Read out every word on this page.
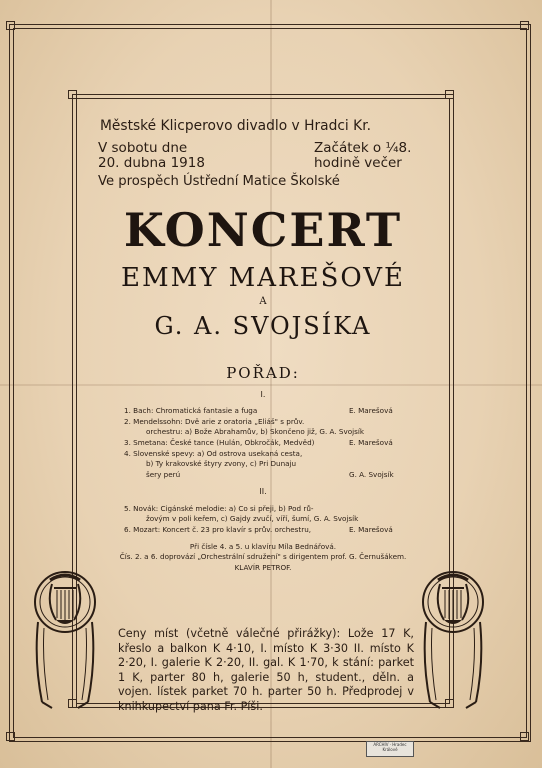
Městské Klicperovo divadlo v Hradci Kr.
V sobotu dne
20. dubna 1918
Začátek o ¼8.
hodině večer
Ve prospěch Ústřední Matice Školské
KONCERT
EMMY MAREŠOVÉ
A
G. A. SVOJSÍKA
POŘAD:
I.
1. Bach: Chromatická fantasie a fuga	E. Marešová
2. Mendelssohn: Dvě arie z oratoria „Eliáš" s prův.
orchestru: a) Bože Abrahamův, b) Skončeno již, G. A. Svojsík
3. Smetana: České tance (Hulán, Obkročák, Medvěd)	E. Marešová
4. Slovenské spevy: a) Od ostrova usekaná cesta,
b) Ty krakovské štyry zvony, c) Pri Dunaju
šery perú	G. A. Svojsík
II.
5. Novák: Cigánské melodie: a) Co si přeji, b) Pod rů-
žovým v poli keřem, c) Gajdy zvučí, víří, šumí, G. A. Svojsík
6. Mozart: Koncert č. 23 pro klavír s prův. orchestru,	E. Marešová
Při čísle 4. a 5. u klavíru Míla Bednářová.
Čís. 2. a 6. doprovází „Orchestrální sdružení" s dirigentem prof. G. Černušákem.
KLAVÍR PETROF.
Ceny míst (včetně válečné přirážky): Lože 17 K, křeslo a balkon K 4·10, I. místo K 3·30 II. místo K 2·20, I. galerie K 2·20, II. gal. K 1·70, k stání: parket 1 K, parter 80 h, galerie 50 h, student., děln. a vojen. lístek parket 70 h. parter 50 h. Předprodej v knihkupectví pana Fr. Píši.
ARCHIV · Hradec Králové
